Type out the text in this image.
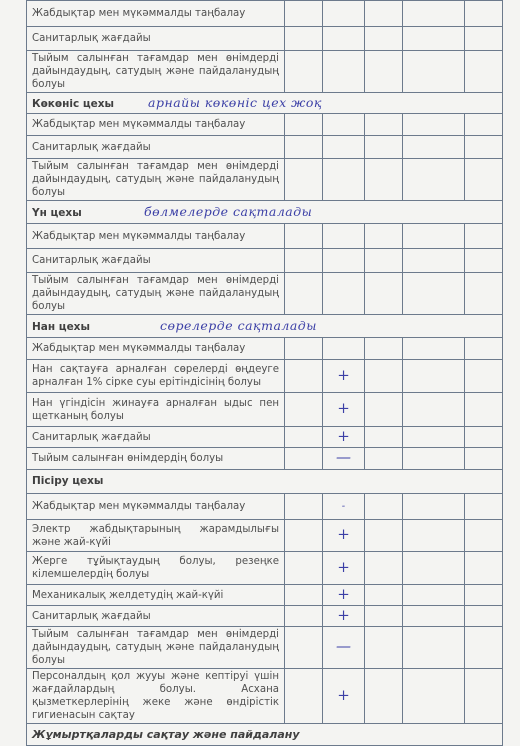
Жабдықтар мен мүкәммалды таңбалау					
Санитарлық жағдайы					
Тыйым салынған тағамдар мен өнімдерді дайындаудың, сатудың және пайдаланудың болуы					
Көкөніс цехы арнайы көкөніс цех жоқ					
Жабдықтар мен мүкәммалды таңбалау					
Санитарлық жағдайы					
Тыйым салынған тағамдар мен өнімдерді дайындаудың, сатудың және пайдаланудың болуы					
Үн цехы бөлмелерде сақталады					
Жабдықтар мен мүкәммалды таңбалау					
Санитарлық жағдайы					
Тыйым салынған тағамдар мен өнімдерді дайындаудың, сатудың және пайдаланудың болуы					
Нан цехы сөрелерде сақталады					
Жабдықтар мен мүкәммалды таңбалау					
Нан сақтауға арналған сөрелерді өңдеуге арналған 1% сірке суы ерітіндісінің болуы		+			
Нан үгіндісін жинауға арналған ыдыс пен щетканың болуы		+			
Санитарлық жағдайы		+			
Тыйым салынған өнімдердің болуы		—			
Пісіру цехы					
Жабдықтар мен мүкәммалды таңбалау		-			
Электр жабдықтарының жарамдылығы және жай-күйі		+			
Жерге тұйықтаудың болуы, резеңке кілемшелердің болуы		+			
Механикалық желдетудің жай-күйі		+			
Санитарлық жағдайы		+			
Тыйым салынған тағамдар мен өнімдерді дайындаудың, сатудың және пайдаланудың болуы		—			
Персоналдың қол жууы және кептіруі үшін жағдайлардың болуы. Асхана қызметкерлерінің жеке және өндірістік гигиенасын сақтау		+			
Жұмыртқаларды сақтау және пайдалану					
